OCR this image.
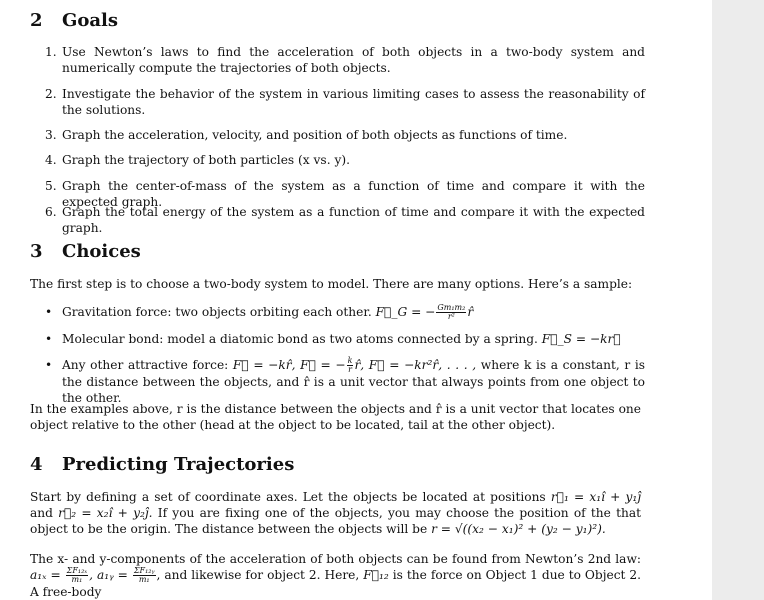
2 Goals
1. Use Newton’s laws to find the acceleration of both objects in a two-body system and numerically compute the trajectories of both objects.
2. Investigate the behavior of the system in various limiting cases to assess the reasonability of the solutions.
3. Graph the acceleration, velocity, and position of both objects as functions of time.
4. Graph the trajectory of both particles (x vs. y).
5. Graph the center-of-mass of the system as a function of time and compare it with the expected graph.
6. Graph the total energy of the system as a function of time and compare it with the expected graph.
3 Choices

The first step is to choose a two-body system to model. There are many options. Here’s a sample:

• Gravitation force: two objects orbiting each other. F⃗_G = − $\frac{\text{Gm₁m₂}}{\text{r²}}$ r̂
• Molecular bond: model a diatomic bond as two atoms connected by a spring. F⃗_S = −kr⃗
• Any other attractive force: F⃗ = −kr̂, F⃗ = − $\frac{k}{r}$ r̂, F⃗ = −kr²r̂, . . . , where k is a constant, r is the distance between the objects, and r̂ is a unit vector that always points from one object to the other.

In the examples above, r is the distance between the objects and r̂ is a unit vector that locates one object relative to the other (head at the object to be located, tail at the other object).

4 Predicting Trajectories

Start by defining a set of coordinate axes. Let the objects be located at positions r⃗₁ = x₁î + y₁ĵ and r⃗₂ = x₂î + y₂ĵ. If you are fixing one of the objects, you may choose the position of the that object to be the origin. The distance between the objects will be r = √((x₂ − x₁)² + (y₂ − y₁)²).

The x- and y-components of the acceleration of both objects can be found from Newton’s 2nd law: $a_{1x} = \frac{\text{ΣF₁₂ₓ}}{\text{m₁}}$ , a₁ᵧ = $\frac{\text{ΣF₁₂ᵧ}}{\text{m₁}}$ , and likewise for object 2. Here, F⃗₁₂ is the force on Object 1 due to Object 2. A free-body
